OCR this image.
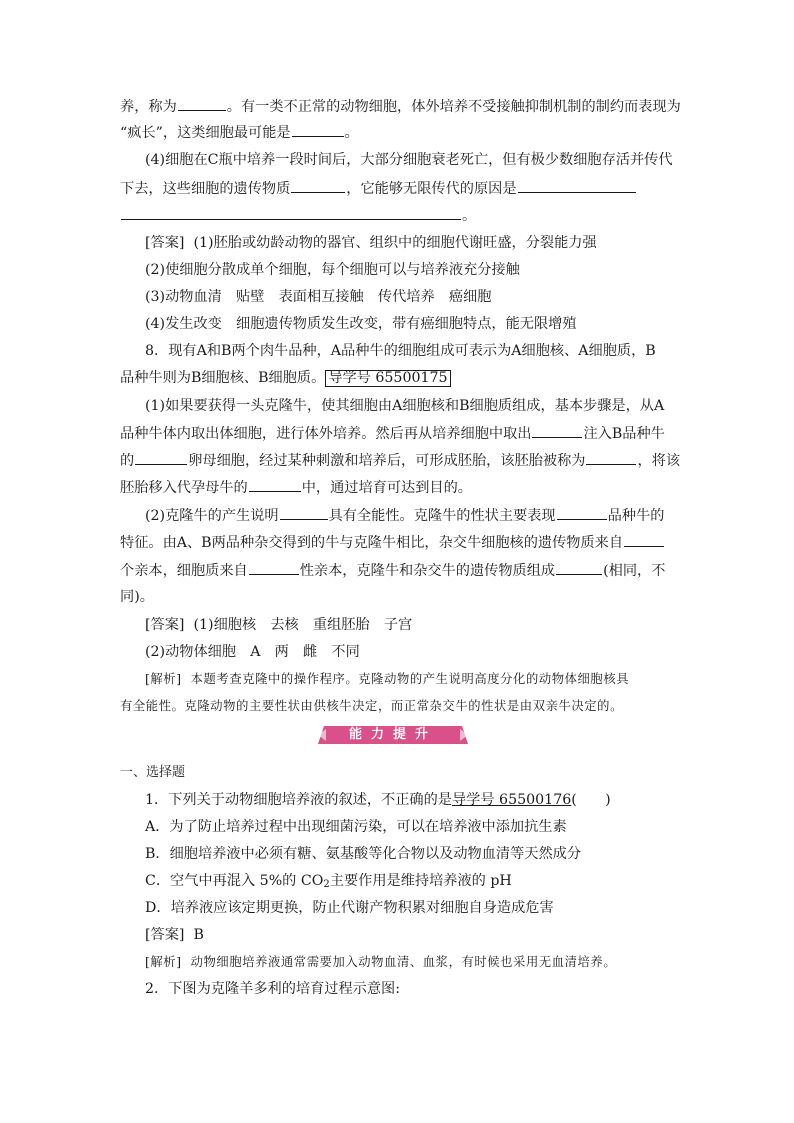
养，称为	。有一类不正常的动物细胞，体外培养不受接触抑制机制的制约而表现为
“疯长”，这类细胞最可能是	。
(4)细胞在C瓶中培养一段时间后，大部分细胞衰老死亡，但有极少数细胞存活并传代
下去，这些细胞的遗传物质	，它能够无限传代的原因是
。
[答案] (1)胚胎或幼龄动物的器官、组织中的细胞代谢旺盛，分裂能力强
(2)使细胞分散成单个细胞，每个细胞可以与培养液充分接触
(3)动物血清　贴壁　表面相互接触　传代培养　癌细胞
(4)发生改变　细胞遗传物质发生改变，带有癌细胞特点，能无限增殖
8．现有A和B两个肉牛品种，A品种牛的细胞组成可表示为A细胞核、A细胞质，B
品种牛则为B细胞核、B细胞质。 导学号 65500175
(1)如果要获得一头克隆牛，使其细胞由A细胞核和B细胞质组成，基本步骤是，从A
品种牛体内取出体细胞，进行体外培养。然后再从培养细胞中取出	注入B品种牛
的	卵母细胞，经过某种刺激和培养后，可形成胚胎，该胚胎被称为	，将该
胚胎移入代孕母牛的	中，通过培育可达到目的。
(2)克隆牛的产生说明	具有全能性。克隆牛的性状主要表现	品种牛的
特征。由A、B两品种杂交得到的牛与克隆牛相比，杂交牛细胞核的遗传物质来自
个亲本，细胞质来自	性亲本，克隆牛和杂交牛的遗传物质组成	(相同，不
同)。
[答案] (1)细胞核　去核　重组胚胎　子宫
(2)动物体细胞　A　两　雌　不同
[解析] 本题考查克隆中的操作程序。克隆动物的产生说明高度分化的动物体细胞核具
有全能性。克隆动物的主要性状由供核牛决定，而正常杂交牛的性状是由双亲牛决定的。
能力提升
一、选择题
1．下列关于动物细胞培养液的叙述，不正确的是导学号 65500176(　　)
A．为了防止培养过程中出现细菌污染，可以在培养液中添加抗生素
B．细胞培养液中必须有糖、氨基酸等化合物以及动物血清等天然成分
C．空气中再混入 5%的 $CO_2$主要作用是维持培养液的 pH
D．培养液应该定期更换，防止代谢产物积累对细胞自身造成危害
[答案] B
[解析] 动物细胞培养液通常需要加入动物血清、血浆，有时候也采用无血清培养。
2．下图为克隆羊多利的培育过程示意图:
